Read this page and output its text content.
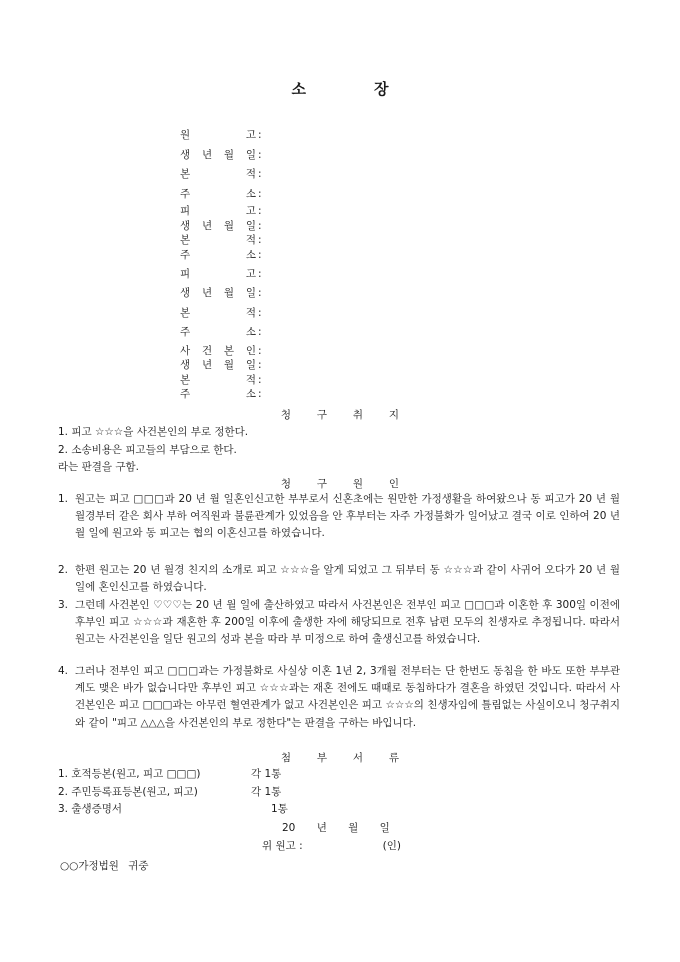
소	장
원 고 :
생 년 월 일 :
본 적 :
주 소 :
피 고 :
생 년 월 일 :
본 적 :
주 소 :
피 고 :
생 년 월 일 :
본 적 :
주 소 :
사 건 본 인 :
생 년 월 일 :
본 적 :
주 소 :
청 구 취 지
1. 피고 ☆☆☆을 사건본인의 부로 정한다.
2. 소송비용은 피고들의 부담으로 한다.
라는 판결을 구함.
청 구 원 인
1. 원고는 피고 □□□과 20 년 월 일혼인신고한 부부로서 신혼초에는 원만한 가정생활을 하여왔으나 동 피고가 20 년 월월경부터 같은 회사 부하 여직원과 불륜관계가 있었음을 안 후부터는 자주 가정불화가 일어났고 결국 이로 인하여 20 년 월 일에 원고와 동 피고는 협의 이혼신고를 하였습니다.
2. 한편 원고는 20 년 월경 친지의 소개로 피고 ☆☆☆을 알게 되었고 그 뒤부터 동 ☆☆☆과 같이 사귀어 오다가 20 년 월 일에 혼인신고를 하였습니다.
3. 그런데 사건본인 ♡♡♡는 20 년 월 일에 출산하였고 따라서 사건본인은 전부인 피고 □□□과 이혼한 후 300일 이전에 후부인 피고 ☆☆☆과 재혼한 후 200일 이후에 출생한 자에 해당되므로 전후 남편 모두의 친생자로 추정됩니다. 따라서 원고는 사건본인을 일단 원고의 성과 본을 따라 부 미정으로 하여 출생신고를 하였습니다.
4. 그러나 전부인 피고 □□□과는 가정불화로 사실상 이혼 1년 2, 3개월 전부터는 단 한번도 동침을 한 바도 또한 부부관계도 맺은 바가 없습니다만 후부인 피고 ☆☆☆과는 재혼 전에도 때때로 동침하다가 결혼을 하였던 것입니다. 따라서 사건본인은 피고 □□□과는 아무런 혈연관계가 없고 사건본인은 피고 ☆☆☆의 친생자임에 틀림없는 사실이오니 청구취지와 같이 "피고 △△△을 사건본인의 부로 정한다"는 판결을 구하는 바입니다.
첨 부 서 류
1. 호적등본(원고, 피고 □□□)	각 1통
2. 주민등록표등본(원고, 피고)	각 1통
3. 출생증명서	1통
20 년 월 일
위 원고 :	(인)
○○가정법원 귀중
